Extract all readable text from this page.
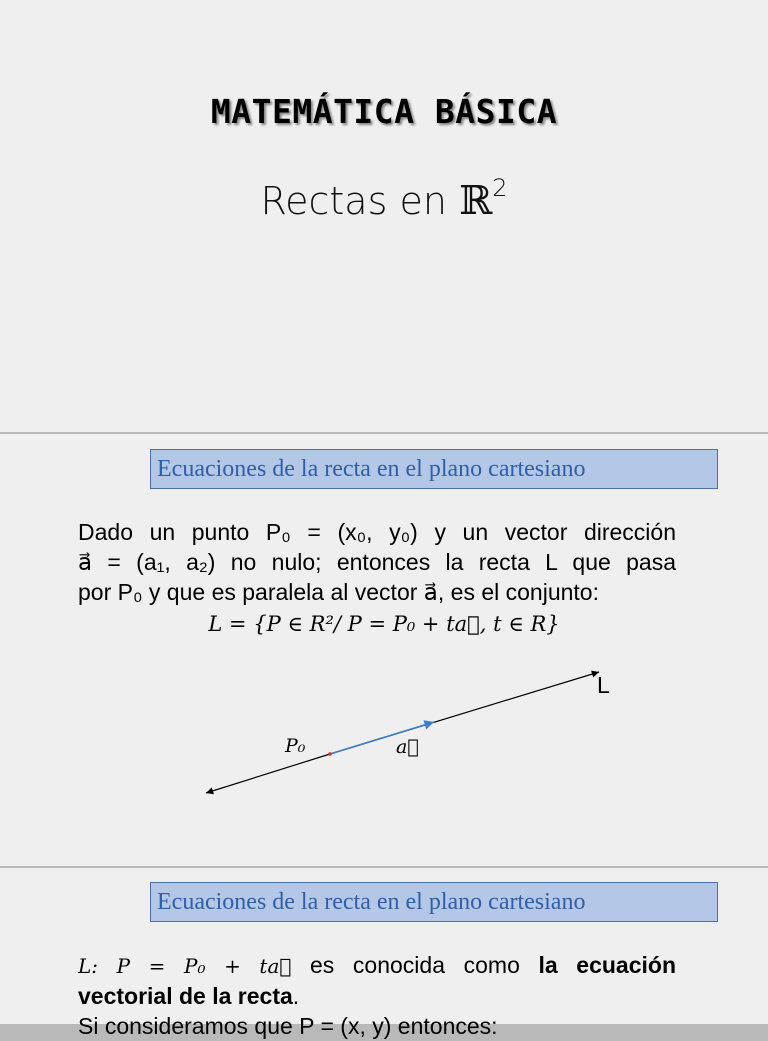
MATEMÁTICA BÁSICA
Rectas en ℝ$^2$
Ecuaciones de la recta en el plano cartesiano
Dado un punto P₀ = (x₀, y₀) y un vector dirección
a⃗ = (a₁, a₂) no nulo; entonces la recta L que pasa
por P₀ y que es paralela al vector a⃗, es el conjunto:
L = {P ∈ R²/ P = P₀ + ta⃗, t ∈ R}
L
P₀	a⃗
Ecuaciones de la recta en el plano cartesiano
L: P = P₀ + ta⃗ es conocida como la ecuación
vectorial de la recta.
Si consideramos que P = (x, y) entonces:
